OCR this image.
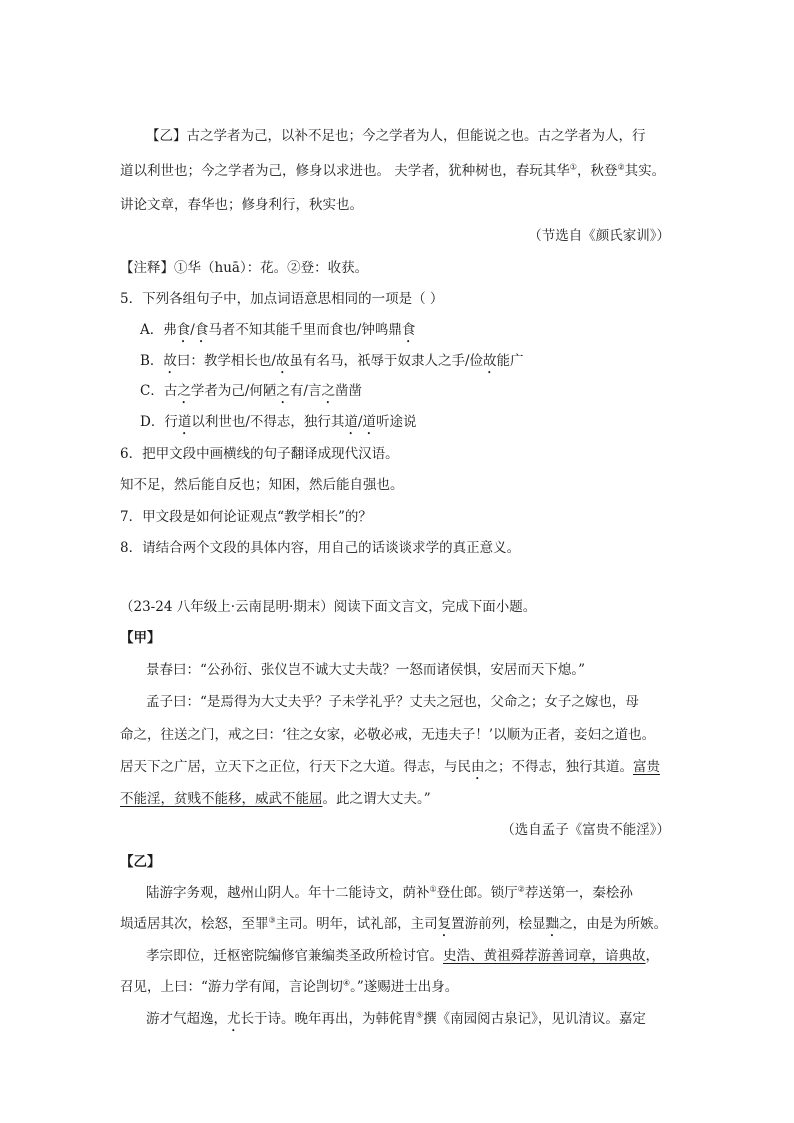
【乙】古之学者为己，以补不足也；今之学者为人，但能说之也。古之学者为人，行
道以利世也；今之学者为己，修身以求进也。 夫学者，犹种树也，春玩其华①，秋登②其实。
讲论文章，春华也；修身利行，秋实也。
（节选自《颜氏家训》）
【注释】①华（huā）：花。②登：收获。
5．下列各组句子中，加点词语意思相同的一项是（ ）
A．弗食/食马者不知其能千里而食也/钟鸣鼎食
B．故曰：教学相长也/故虽有名马，祇辱于奴隶人之手/俭故能广
C．古之学者为己/何陋之有/言之凿凿
D．行道以利世也/不得志，独行其道/道听途说
6．把甲文段中画横线的句子翻译成现代汉语。
知不足，然后能自反也；知困，然后能自强也。
7．甲文段是如何论证观点“教学相长”的？
8．请结合两个文段的具体内容，用自己的话谈谈求学的真正意义。
（23-24 八年级上·云南昆明·期末）阅读下面文言文，完成下面小题。
【甲】
景春曰：“公孙衍、张仪岂不诚大丈夫哉？一怒而诸侯惧，安居而天下熄。”
孟子曰：“是焉得为大丈夫乎？子未学礼乎？丈夫之冠也，父命之；女子之嫁也，母
命之，往送之门，戒之曰：‘往之女家，必敬必戒，无违夫子！’以顺为正者，妾妇之道也。
居天下之广居，立天下之正位，行天下之大道。得志，与民由之；不得志，独行其道。富贵
不能淫，贫贱不能移，威武不能屈。此之谓大丈夫。”
（选自孟子《富贵不能淫》）
【乙】
陆游字务观，越州山阴人。年十二能诗文，荫补①登仕郎。锁厅②荐送第一，秦桧孙
埙适居其次，桧怒，至罪③主司。明年，试礼部，主司复置游前列，桧显黜之，由是为所嫉。
孝宗即位，迁枢密院编修官兼编类圣政所检讨官。史浩、黄祖舜荐游善词章，谙典故，
召见，上曰：“游力学有闻，言论剀切④。”遂赐进士出身。
游才气超逸，尤长于诗。晚年再出，为韩侂胄⑤撰《南园阅古泉记》，见讥清议。嘉定
